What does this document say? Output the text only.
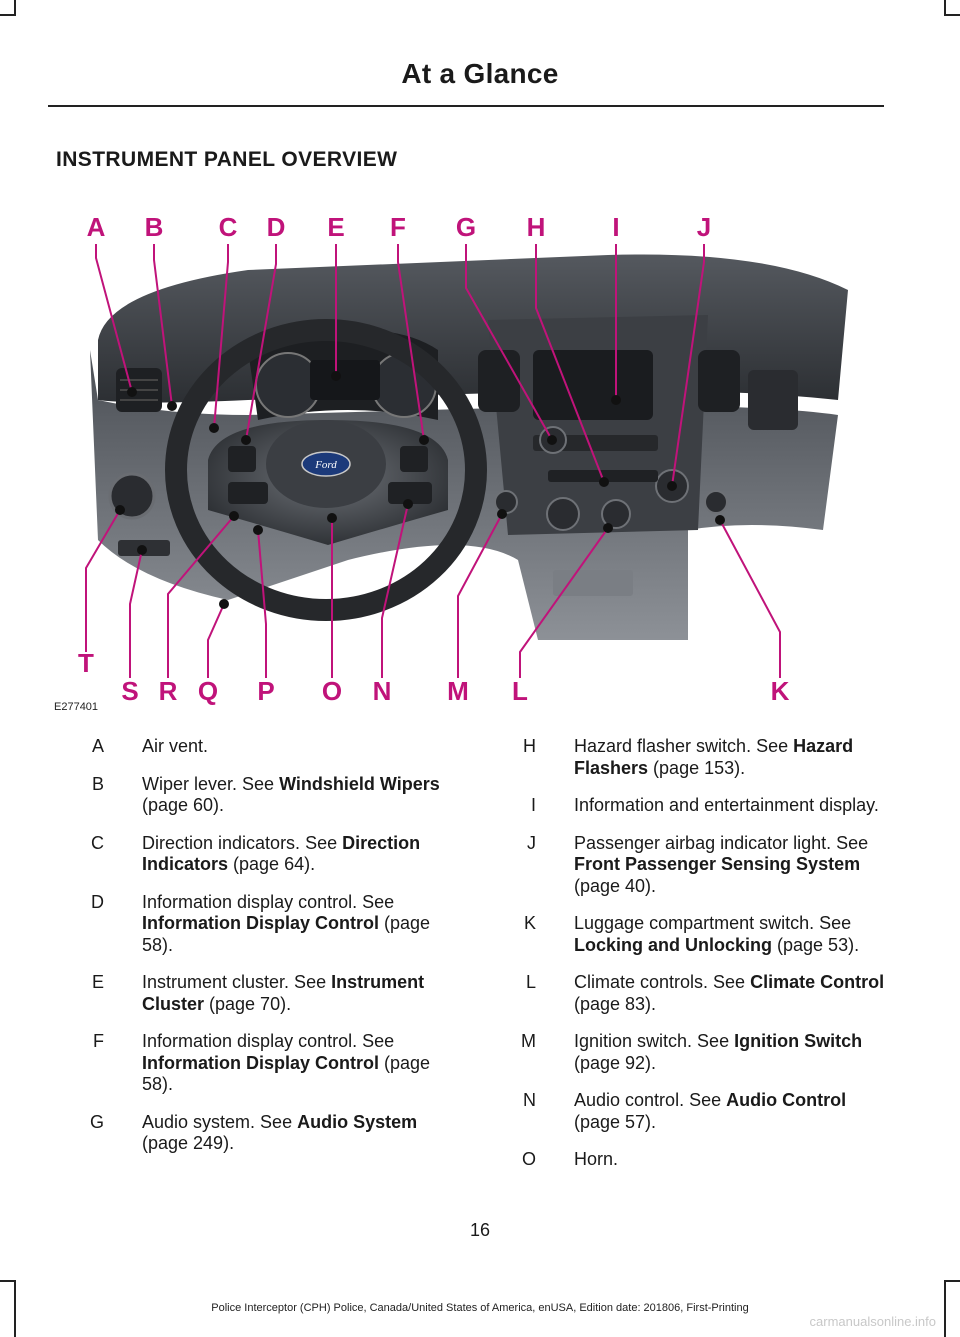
At a Glance
INSTRUMENT PANEL OVERVIEW
Ford
A B C D E F G H	I	J
T
S R Q P O N M L	K
E277401
A Air vent.
B Wiper lever. See Windshield Wipers (page 60).
C Direction indicators. See Direction Indicators (page 64).
D Information display control. See Information Display Control (page 58).
E Instrument cluster. See Instrument Cluster (page 70).
F Information display control. See Information Display Control (page 58).
G Audio system. See Audio System (page 249).
H Hazard flasher switch. See Hazard Flashers (page 153).
I Information and entertainment display.
J Passenger airbag indicator light. See Front Passenger Sensing System (page 40).
K Luggage compartment switch. See Locking and Unlocking (page 53).
L Climate controls. See Climate Control (page 83).
M Ignition switch. See Ignition Switch (page 92).
N Audio control. See Audio Control (page 57).
O Horn.
16
Police Interceptor (CPH) Police, Canada/United States of America, enUSA, Edition date: 201806, First-Printing
carmanualsonline.info
